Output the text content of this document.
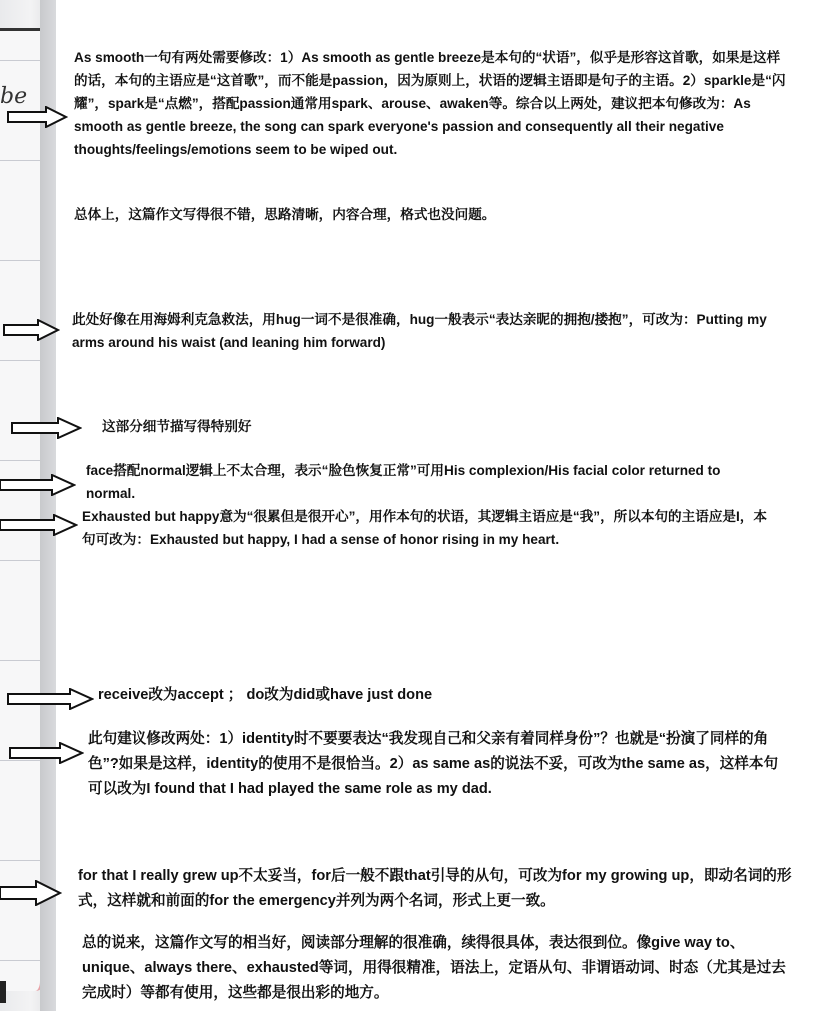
be

As smooth一句有两处需要修改：1）As smooth as gentle breeze是本句的“状语”，似乎是形容这首歌，如果是这样的话，本句的主语应是“这首歌”，而不能是passion，因为原则上，状语的逻辑主语即是句子的主语。2）sparkle是“闪耀”，spark是“点燃”，搭配passion通常用spark、arouse、awaken等。综合以上两处，建议把本句修改为：As smooth as gentle breeze, the song can spark everyone's passion and consequently all their negative thoughts/feelings/emotions seem to be wiped out.

总体上，这篇作文写得很不错，思路清晰，内容合理，格式也没问题。

此处好像在用海姆利克急救法，用hug一词不是很准确，hug一般表示“表达亲昵的拥抱/搂抱”，可改为：Putting my arms around his waist (and leaning him forward)

这部分细节描写得特别好

face搭配normal逻辑上不太合理，表示“脸色恢复正常”可用His complexion/His facial color returned to normal.

Exhausted but happy意为“很累但是很开心”，用作本句的状语，其逻辑主语应是“我”，所以本句的主语应是I，本句可改为：Exhausted but happy, I had a sense of honor rising in my heart.

receive改为accept ； do改为did或have just done

此句建议修改两处：1）identity时不要要表达“我发现自己和父亲有着同样身份”？也就是“扮演了同样的角色”?如果是这样，identity的使用不是很恰当。2）as same as的说法不妥，可改为the same as，这样本句可以改为I found that I had played the same role as my dad.

for that I really grew up不太妥当，for后一般不跟that引导的从句，可改为for my growing up，即动名词的形式，这样就和前面的for the emergency并列为两个名词，形式上更一致。

总的说来，这篇作文写的相当好，阅读部分理解的很准确，续得很具体，表达很到位。像give way to、unique、always there、exhausted等词，用得很精准，语法上，定语从句、非谓语动词、时态（尤其是过去完成时）等都有使用，这些都是很出彩的地方。
